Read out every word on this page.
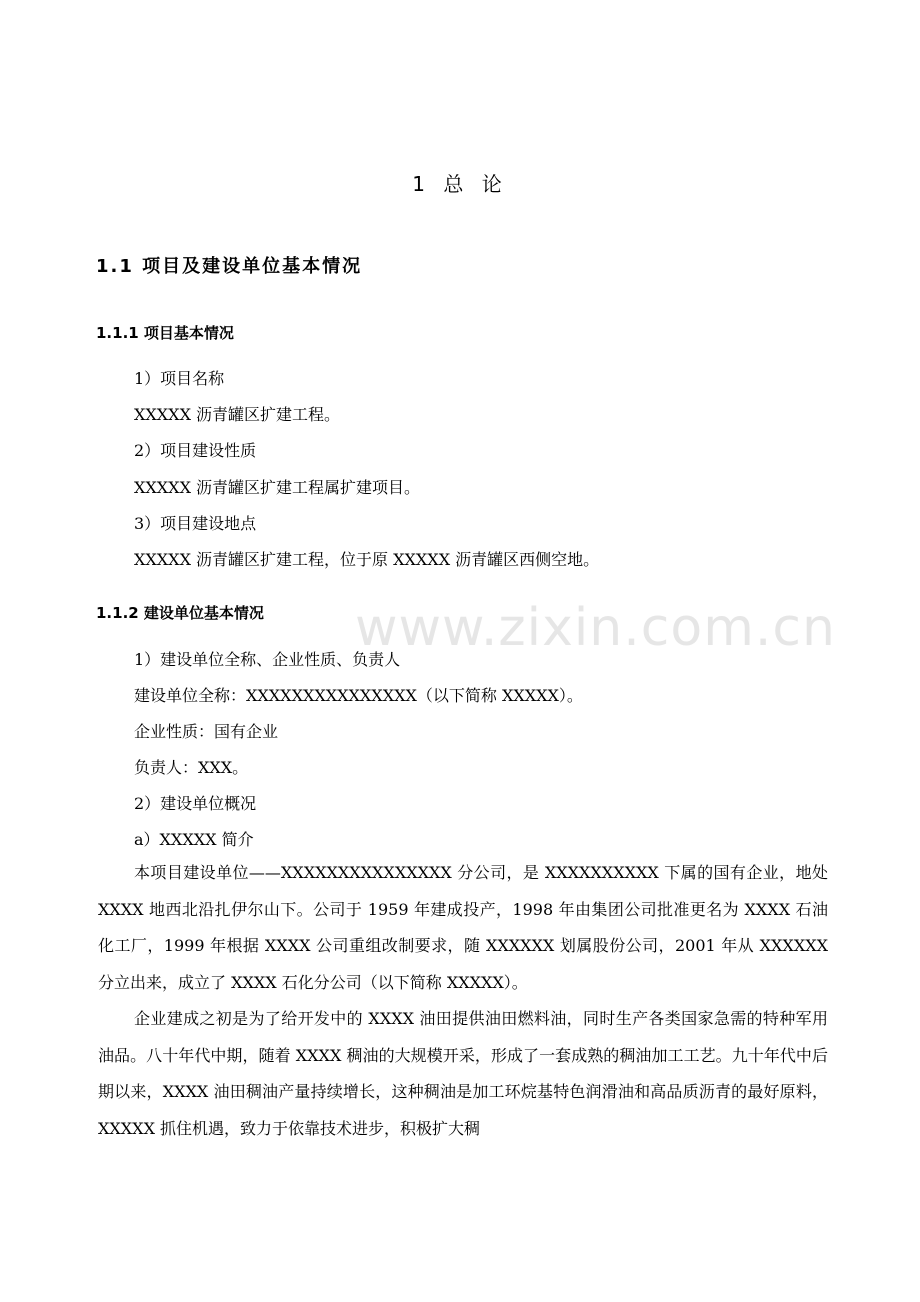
www.zixin.com.cn
1 总 论
1.1 项目及建设单位基本情况
1.1.1 项目基本情况
1）项目名称
XXXXX 沥青罐区扩建工程。
2）项目建设性质
XXXXX 沥青罐区扩建工程属扩建项目。
3）项目建设地点
XXXXX 沥青罐区扩建工程，位于原 XXXXX 沥青罐区西侧空地。
1.1.2 建设单位基本情况
1）建设单位全称、企业性质、负责人
建设单位全称：XXXXXXXXXXXXXXX（以下简称 XXXXX）。
企业性质：国有企业
负责人：XXX。
2）建设单位概况
a）XXXXX 简介

本项目建设单位——XXXXXXXXXXXXXXX 分公司，是 XXXXXXXXXX 下属的国有企业，地处 XXXX 地西北沿扎伊尔山下。公司于 1959 年建成投产，1998 年由集团公司批准更名为 XXXX 石油化工厂，1999 年根据 XXXX 公司重组改制要求，随 XXXXXX 划属股份公司，2001 年从 XXXXXX 分立出来，成立了 XXXX 石化分公司（以下简称 XXXXX）。

企业建成之初是为了给开发中的 XXXX 油田提供油田燃料油，同时生产各类国家急需的特种军用油品。八十年代中期，随着 XXXX 稠油的大规模开采，形成了一套成熟的稠油加工工艺。九十年代中后期以来，XXXX 油田稠油产量持续增长，这种稠油是加工环烷基特色润滑油和高品质沥青的最好原料，XXXXX 抓住机遇，致力于依靠技术进步，积极扩大稠
